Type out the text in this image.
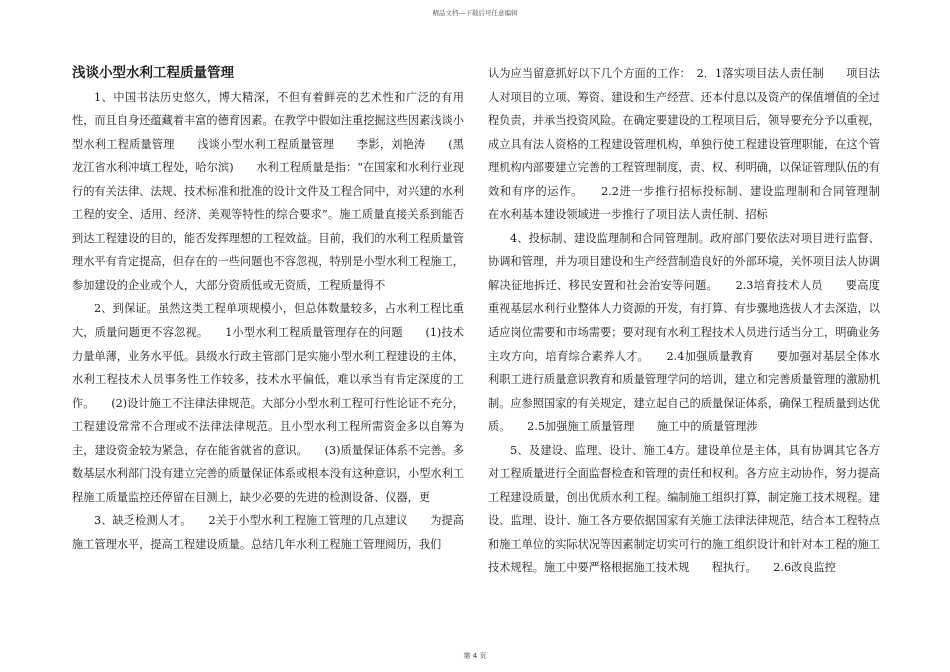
精品文档---下载后可任意编辑
浅谈小型水利工程质量管理

1、中国书法历史悠久，博大精深，不但有着鲜亮的艺术性和广泛的有用性，而且自身还蕴藏着丰富的德育因素。在教学中假如注重挖掘这些因素浅谈小型水利工程质量管理　　浅谈小型水利工程质量管理　　李影，刘艳涛　　(黑龙江省水利冲填工程处，哈尔滨)　　水利工程质量是指：“在国家和水利行业现行的有关法律、法规、技术标准和批准的设计文件及工程合同中，对兴建的水利工程的安全、适用、经济、美观等特性的综合要求”。施工质量直接关系到能否到达工程建设的目的，能否发挥理想的工程效益。目前，我们的水利工程质量管理水平有肯定提高，但存在的一些问题也不容忽视，特别是小型水利工程施工，参加建设的企业或个人，大部分资质低或无资质，工程质量得不

2、到保证。虽然这类工程单项规模小，但总体数量较多，占水利工程比重大，质量问题更不容忽视。　　1小型水利工程质量管理存在的问题　　(1)技术力量单薄，业务水平低。县级水行政主管部门是实施小型水利工程建设的主体，水利工程技术人员事务性工作较多，技术水平偏低，难以承当有肯定深度的工作。　　(2)设计施工不注律法律规范。大部分小型水利工程可行性论证不充分，工程建设常常不合理或不法律法律规范。且小型水利工程所需资金多以自筹为主，建设资金较为紧急，存在能省就省的意识。　　(3)质量保证体系不完善。多数基层水利部门没有建立完善的质量保证体系或根本没有这种意识，小型水利工程施工质量监控还停留在目测上，缺少必要的先进的检测设备、仪器，更

3、缺乏检测人才。　　2关于小型水利工程施工管理的几点建议　　为提高施工管理水平，提高工程建设质量。总结几年水利工程施工管理阅历，我们

认为应当留意抓好以下几个方面的工作：　2．1落实项目法人责任制　　项目法人对项目的立项、筹资、建设和生产经营、还本付息以及资产的保值增值的全过程负责，并承当投资风险。在确定要建设的工程项目后，领导要充分予以重视，成立具有法人资格的工程建设管理机构，单独行使工程建设管理职能，在这个管理机构内部要建立完善的工程管理制度，责、权、利明确，以保证管理队伍的有效和有序的运作。　　2.2进一步推行招标投标制、建设监理制和合同管理制　　在水利基本建设领域进一步推行了项目法人责任制、招标

4、投标制、建设监理制和合同管理制。政府部门要依法对项目进行监督、协调和管理，并为项目建设和生产经营制造良好的外部环境，关怀项目法人协调解决征地拆迁、移民安置和社会治安等问题。　　2.3培育技术人员　　要高度重视基层水利行业整体人力资源的开发，有打算、有步骤地选拔人才去深造，以适应岗位需要和市场需要；要对现有水利工程技术人员进行适当分工，明确业务主攻方向，培育综合素养人才。　　2.4加强质量教育　　要加强对基层全体水利职工进行质量意识教育和质量管理学问的培训，建立和完善质量管理的激励机制。应参照国家的有关规定，建立起自己的质量保证体系，确保工程质量到达优质。　　2.5加强施工质量管理　　施工中的质量管理涉

5、及建设、监理、设计、施工4方。建设单位是主体，具有协调其它各方对工程质量进行全面监督检查和管理的责任和权利。各方应主动协作，努力提高工程建设质量，创出优质水利工程。编制施工组织打算，制定施工技术规程。建设、监理、设计、施工各方要依据国家有关施工法律法律规范，结合本工程特点和施工单位的实际状况等因素制定切实可行的施工组织设计和针对本工程的施工技术规程。施工中要严格根据施工技术规　　程执行。　　2.6改良监控

第 4 页
